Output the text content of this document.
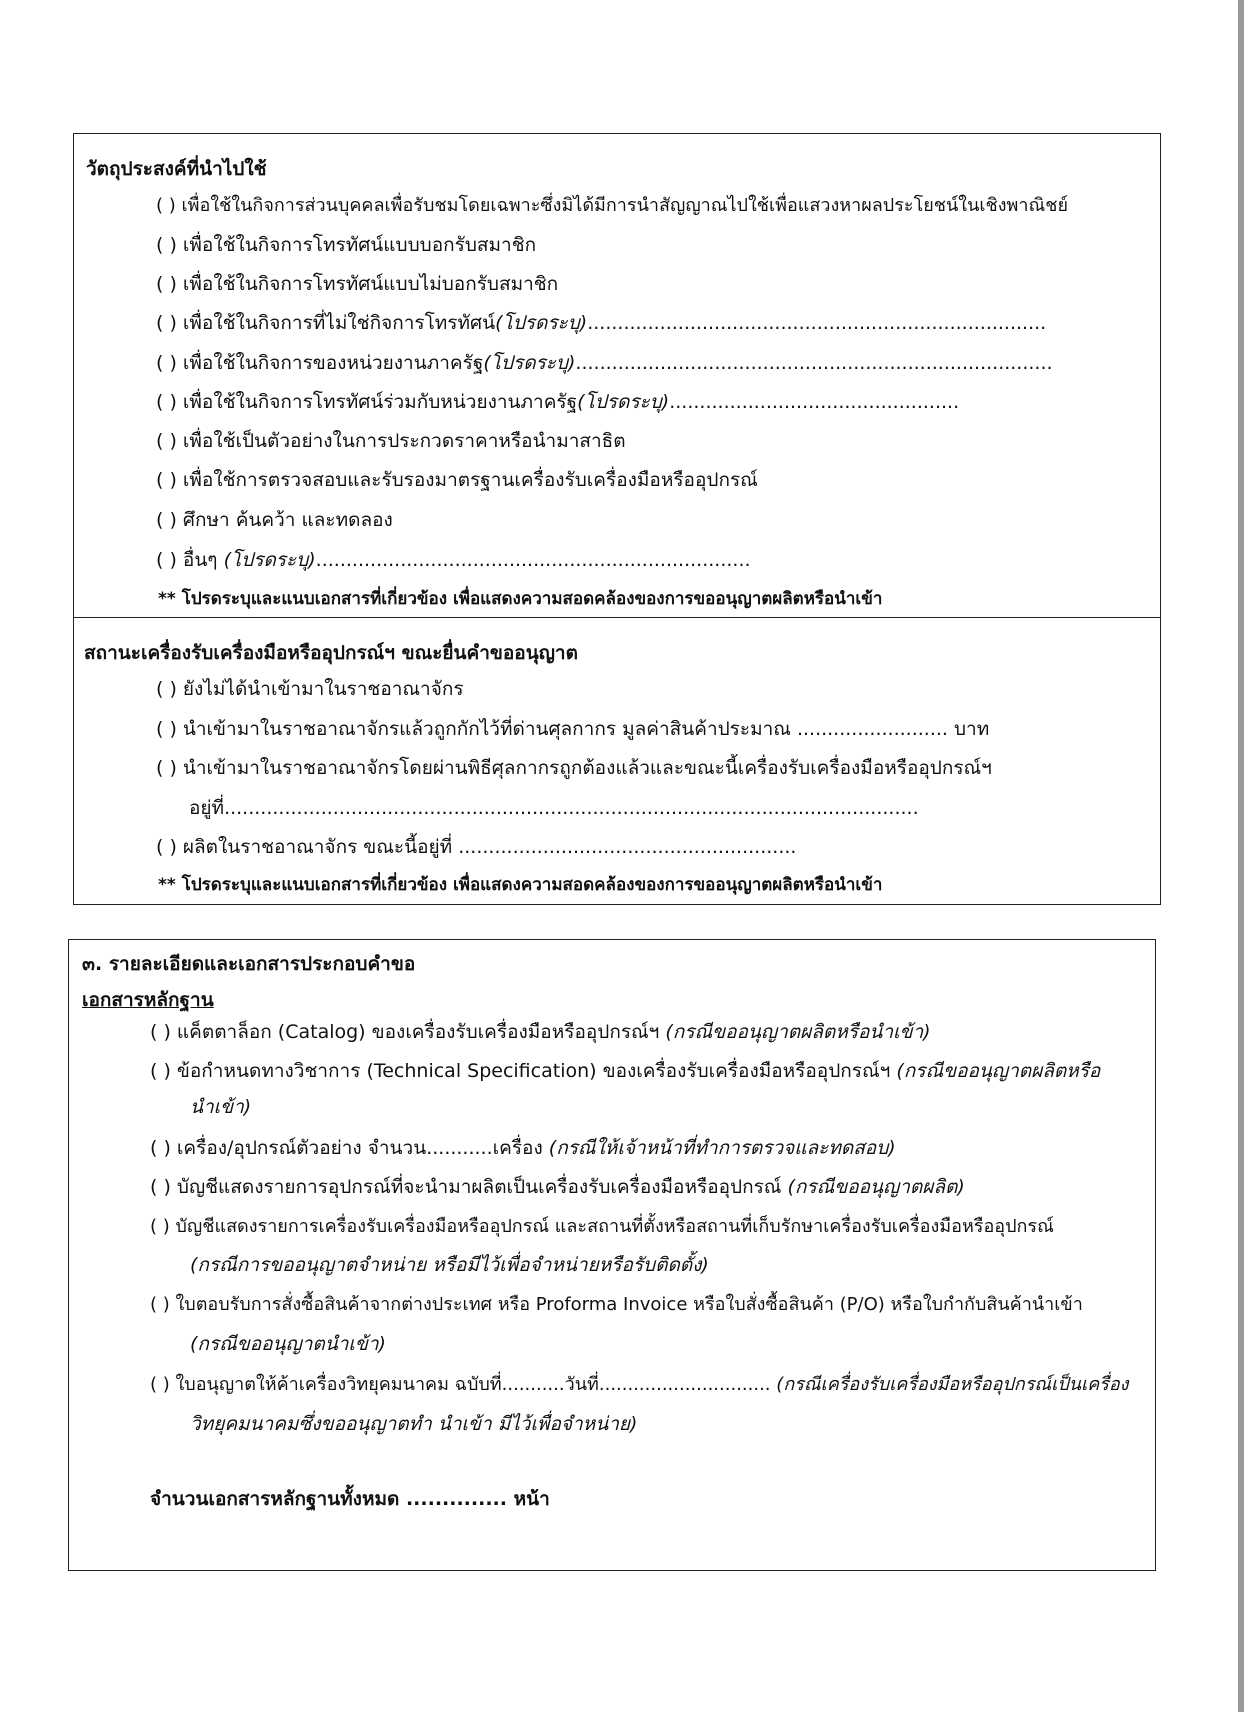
วัตถุประสงค์ที่นำไปใช้
( ) เพื่อใช้ในกิจการส่วนบุคคลเพื่อรับชมโดยเฉพาะซึ่งมิได้มีการนำสัญญาณไปใช้เพื่อแสวงหาผลประโยชน์ในเชิงพาณิชย์
( ) เพื่อใช้ในกิจการโทรทัศน์แบบบอกรับสมาชิก
( ) เพื่อใช้ในกิจการโทรทัศน์แบบไม่บอกรับสมาชิก
( ) เพื่อใช้ในกิจการที่ไม่ใช่กิจการโทรทัศน์(โปรดระบุ)............................................................................
( ) เพื่อใช้ในกิจการของหน่วยงานภาครัฐ(โปรดระบุ)...............................................................................
( ) เพื่อใช้ในกิจการโทรทัศน์ร่วมกับหน่วยงานภาครัฐ(โปรดระบุ)................................................
( ) เพื่อใช้เป็นตัวอย่างในการประกวดราคาหรือนำมาสาธิต
( ) เพื่อใช้การตรวจสอบและรับรองมาตรฐานเครื่องรับเครื่องมือหรืออุปกรณ์
( ) ศึกษา ค้นคว้า และทดลอง
( ) อื่นๆ (โปรดระบุ)........................................................................
** โปรดระบุและแนบเอกสารที่เกี่ยวข้อง เพื่อแสดงความสอดคล้องของการขออนุญาตผลิตหรือนำเข้า
สถานะเครื่องรับเครื่องมือหรืออุปกรณ์ฯ ขณะยื่นคำขออนุญาต
( ) ยังไม่ได้นำเข้ามาในราชอาณาจักร
( ) นำเข้ามาในราชอาณาจักรแล้วถูกกักไว้ที่ด่านศุลกากร มูลค่าสินค้าประมาณ ......................... บาท
( ) นำเข้ามาในราชอาณาจักรโดยผ่านพิธีศุลกากรถูกต้องแล้วและขณะนี้เครื่องรับเครื่องมือหรืออุปกรณ์ฯ
อยู่ที่...................................................................................................................
( ) ผลิตในราชอาณาจักร ขณะนี้อยู่ที่ ........................................................
** โปรดระบุและแนบเอกสารที่เกี่ยวข้อง เพื่อแสดงความสอดคล้องของการขออนุญาตผลิตหรือนำเข้า
๓. รายละเอียดและเอกสารประกอบคำขอ
เอกสารหลักฐาน
( ) แค็ตตาล็อก (Catalog) ของเครื่องรับเครื่องมือหรืออุปกรณ์ฯ (กรณีขออนุญาตผลิตหรือนำเข้า)
( ) ข้อกำหนดทางวิชาการ (Technical Specification) ของเครื่องรับเครื่องมือหรืออุปกรณ์ฯ (กรณีขออนุญาตผลิตหรือ
นำเข้า)
( ) เครื่อง/อุปกรณ์ตัวอย่าง จำนวน...........เครื่อง (กรณีให้เจ้าหน้าที่ทำการตรวจและทดสอบ)
( ) บัญชีแสดงรายการอุปกรณ์ที่จะนำมาผลิตเป็นเครื่องรับเครื่องมือหรืออุปกรณ์ (กรณีขออนุญาตผลิต)
( ) บัญชีแสดงรายการเครื่องรับเครื่องมือหรืออุปกรณ์ และสถานที่ตั้งหรือสถานที่เก็บรักษาเครื่องรับเครื่องมือหรืออุปกรณ์
(กรณีการขออนุญาตจำหน่าย หรือมีไว้เพื่อจำหน่ายหรือรับติดตั้ง)
( ) ใบตอบรับการสั่งซื้อสินค้าจากต่างประเทศ หรือ Proforma Invoice หรือใบสั่งซื้อสินค้า (P/O) หรือใบกำกับสินค้านำเข้า
(กรณีขออนุญาตนำเข้า)
( ) ใบอนุญาตให้ค้าเครื่องวิทยุคมนาคม ฉบับที่...........วันที่.............................. (กรณีเครื่องรับเครื่องมือหรืออุปกรณ์เป็นเครื่อง
วิทยุคมนาคมซึ่งขออนุญาตทำ นำเข้า มีไว้เพื่อจำหน่าย)
จำนวนเอกสารหลักฐานทั้งหมด .............. หน้า
